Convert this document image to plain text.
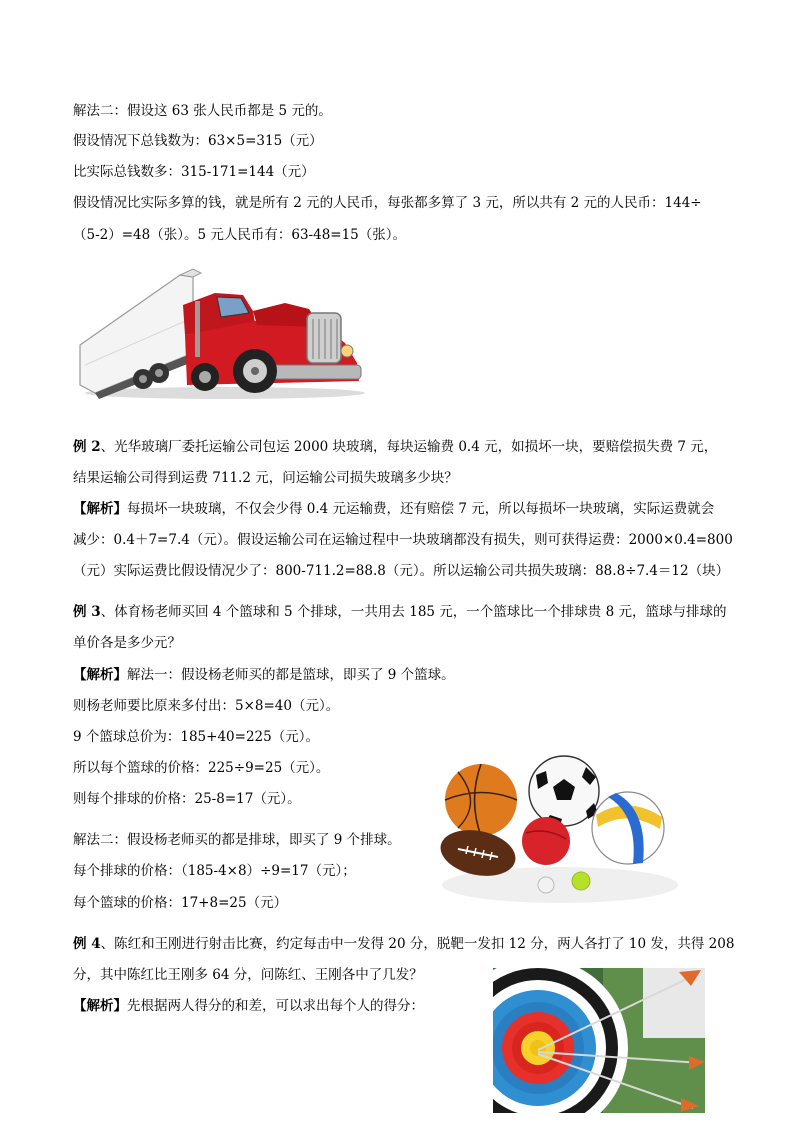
解法二：假设这 63 张人民币都是 5 元的。
假设情况下总钱数为：63×5=315（元）
比实际总钱数多：315-171=144（元）
假设情况比实际多算的钱，就是所有 2 元的人民币，每张都多算了 3 元，所以共有 2 元的人民币：144÷
（5-2）=48（张）。5 元人民币有：63-48=15（张）。
例 2、光华玻璃厂委托运输公司包运 2000 块玻璃，每块运输费 0.4 元，如损坏一块，要赔偿损失费 7 元，
结果运输公司得到运费 711.2 元，问运输公司损失玻璃多少块？
【解析】每损坏一块玻璃，不仅会少得 0.4 元运输费，还有赔偿 7 元，所以每损坏一块玻璃，实际运费就会
减少：0.4＋7=7.4（元）。假设运输公司在运输过程中一块玻璃都没有损失，则可获得运费：2000×0.4=800
（元）实际运费比假设情况少了：800-711.2=88.8（元）。所以运输公司共损失玻璃：88.8÷7.4＝12（块）
例 3、体育杨老师买回 4 个篮球和 5 个排球，一共用去 185 元，一个篮球比一个排球贵 8 元，篮球与排球的
单价各是多少元？
【解析】解法一：假设杨老师买的都是篮球，即买了 9 个篮球。
则杨老师要比原来多付出：5×8=40（元）。
9 个篮球总价为：185+40=225（元）。
所以每个篮球的价格：225÷9=25（元）。
则每个排球的价格：25-8=17（元）。
解法二：假设杨老师买的都是排球，即买了 9 个排球。
每个排球的价格：（185-4×8）÷9=17（元）；
每个篮球的价格：17+8=25（元）
例 4、陈红和王刚进行射击比赛，约定每击中一发得 20 分，脱靶一发扣 12 分，两人各打了 10 发，共得 208
分，其中陈红比王刚多 64 分，问陈红、王刚各中了几发？
【解析】先根据两人得分的和差，可以求出每个人的得分：
